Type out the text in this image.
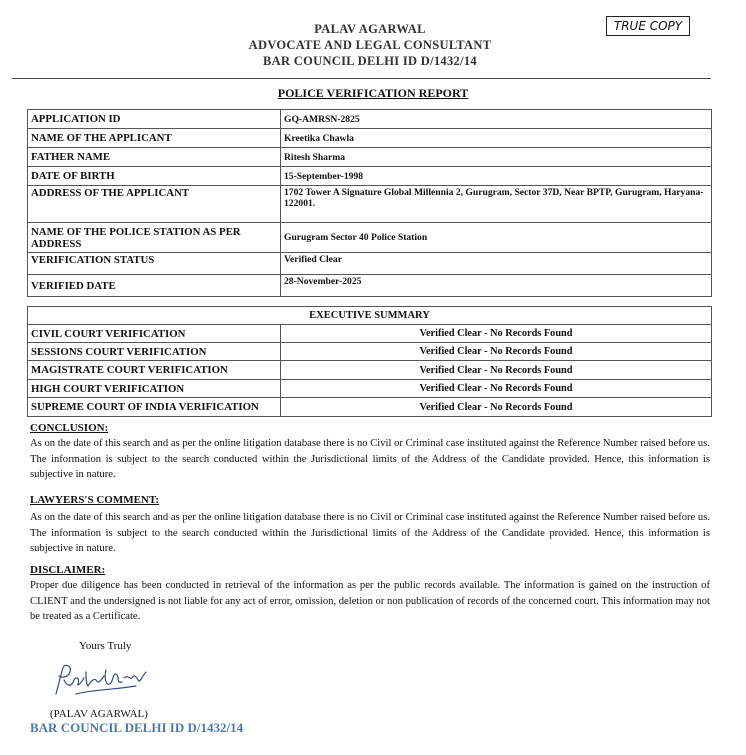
PALAV AGARWAL
ADVOCATE AND LEGAL CONSULTANT
BAR COUNCIL DELHI ID D/1432/14
TRUE COPY
POLICE VERIFICATION REPORT
APPLICATION ID	GQ-AMRSN-2825
NAME OF THE APPLICANT	Kreetika Chawla
FATHER NAME	Ritesh Sharma
DATE OF BIRTH	15-September-1998
ADDRESS OF THE APPLICANT	1702 Tower A Signature Global Millennia 2, Gurugram, Sector 37D, Near BPTP, Gurugram, Haryana-122001.
NAME OF THE POLICE STATION AS PER ADDRESS	Gurugram Sector 40 Police Station
VERIFICATION STATUS	Verified Clear
VERIFIED DATE	28-November-2025
EXECUTIVE SUMMARY	
CIVIL COURT VERIFICATION	Verified Clear - No Records Found
SESSIONS COURT VERIFICATION	Verified Clear - No Records Found
MAGISTRATE COURT VERIFICATION	Verified Clear - No Records Found
HIGH COURT VERIFICATION	Verified Clear - No Records Found
SUPREME COURT OF INDIA VERIFICATION	Verified Clear - No Records Found
CONCLUSION:
As on the date of this search and as per the online litigation database there is no Civil or Criminal case instituted against the Reference Number raised before us. The information is subject to the search conducted within the Jurisdictional limits of the Address of the Candidate provided. Hence, this information is subjective in nature.
LAWYERS'S COMMENT:
As on the date of this search and as per the online litigation database there is no Civil or Criminal case instituted against the Reference Number raised before us. The information is subject to the search conducted within the Jurisdictional limits of the Address of the Candidate provided. Hence, this information is subjective in nature.
DISCLAIMER:
Proper due diligence has been conducted in retrieval of the information as per the public records available. The information is gained on the instruction of CLIENT and the undersigned is not liable for any act of error, omission, deletion or non publication of records of the concerned court. This information may not be treated as a Certificate.
Yours Truly
(PALAV AGARWAL)
BAR COUNCIL DELHI ID D/1432/14
